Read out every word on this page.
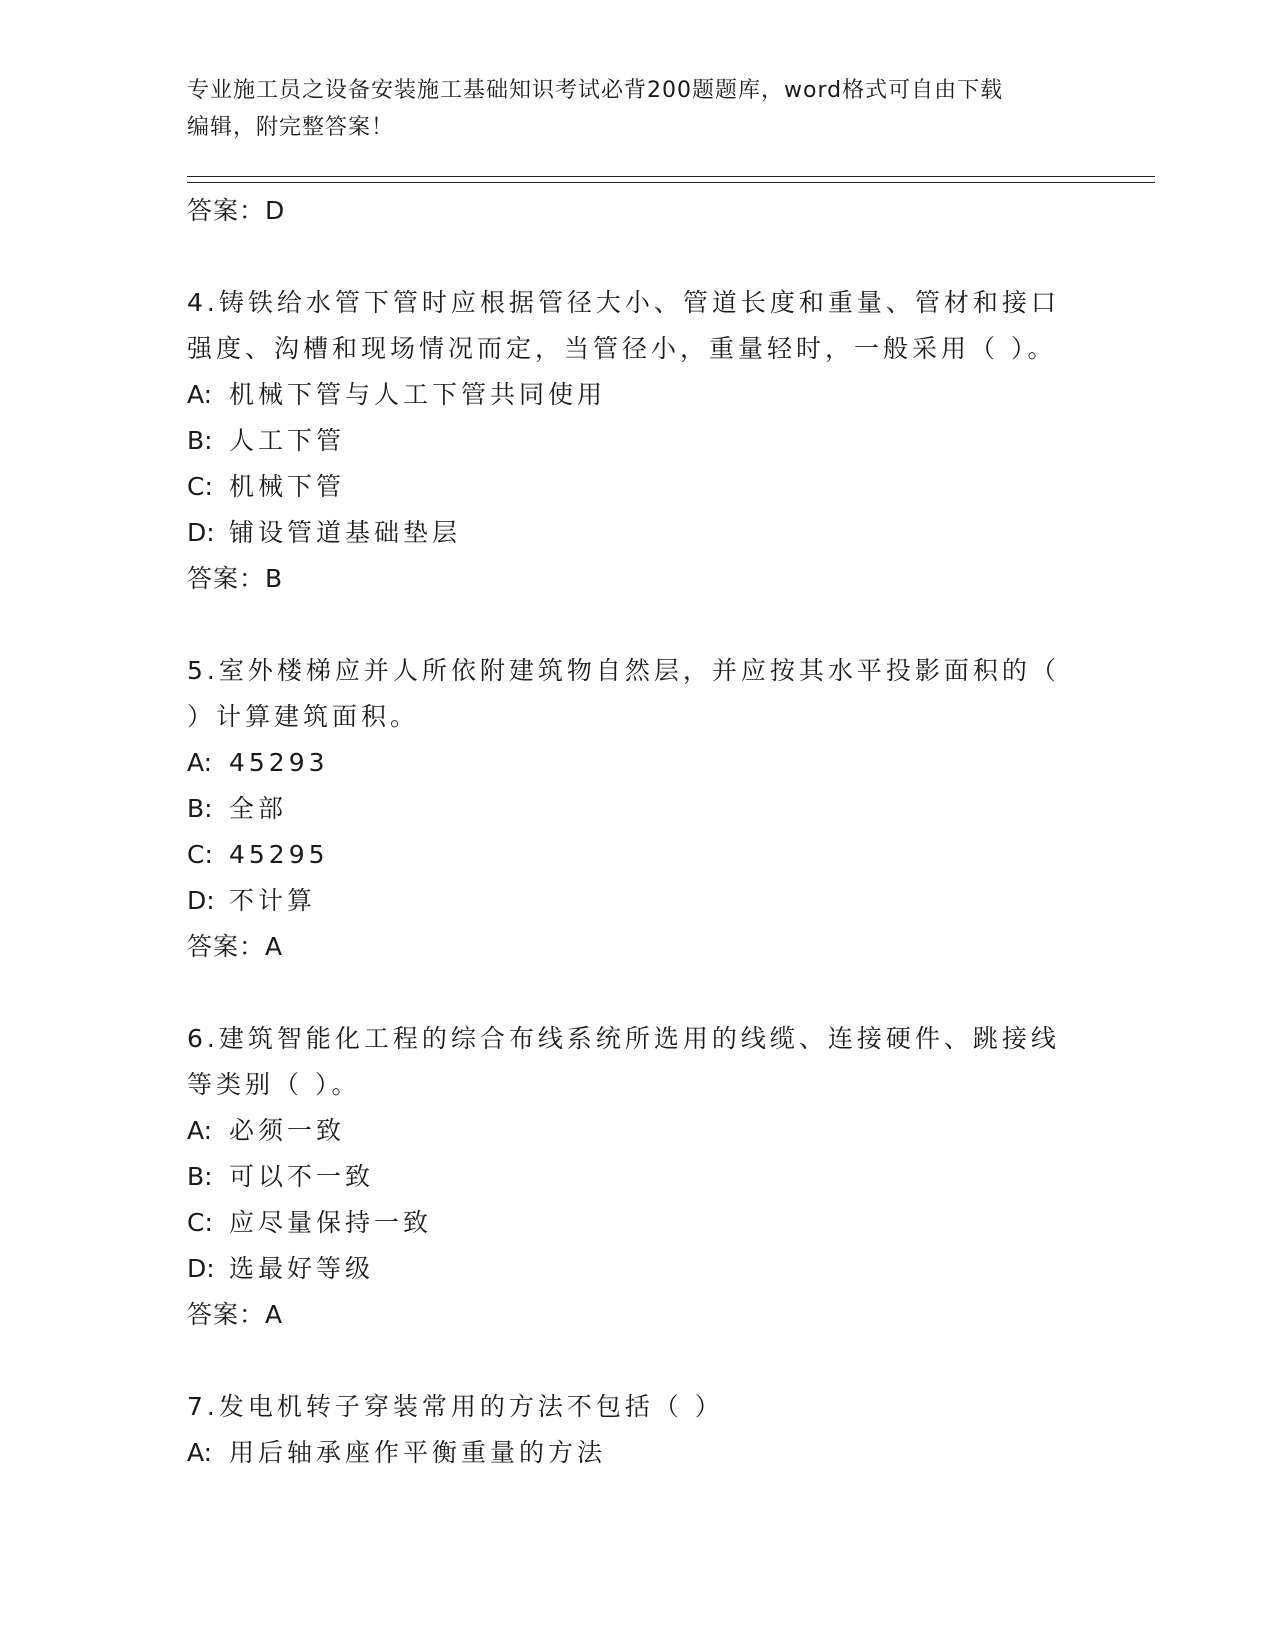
专业施工员之设备安装施工基础知识考试必背200题题库，word格式可自由下载
编辑，附完整答案！
答案：D
4.铸铁给水管下管时应根据管径大小、管道长度和重量、管材和接口
强度、沟槽和现场情况而定，当管径小，重量轻时，一般采用（ ）。
A: 机械下管与人工下管共同使用
B: 人工下管
C: 机械下管
D: 铺设管道基础垫层
答案：B
5.室外楼梯应并人所依附建筑物自然层，并应按其水平投影面积的（
）计算建筑面积。
A: 45293
B: 全部
C: 45295
D: 不计算
答案：A
6.建筑智能化工程的综合布线系统所选用的线缆、连接硬件、跳接线
等类别（ ）。
A: 必须一致
B: 可以不一致
C: 应尽量保持一致
D: 选最好等级
答案：A
7.发电机转子穿装常用的方法不包括（ ）
A: 用后轴承座作平衡重量的方法
